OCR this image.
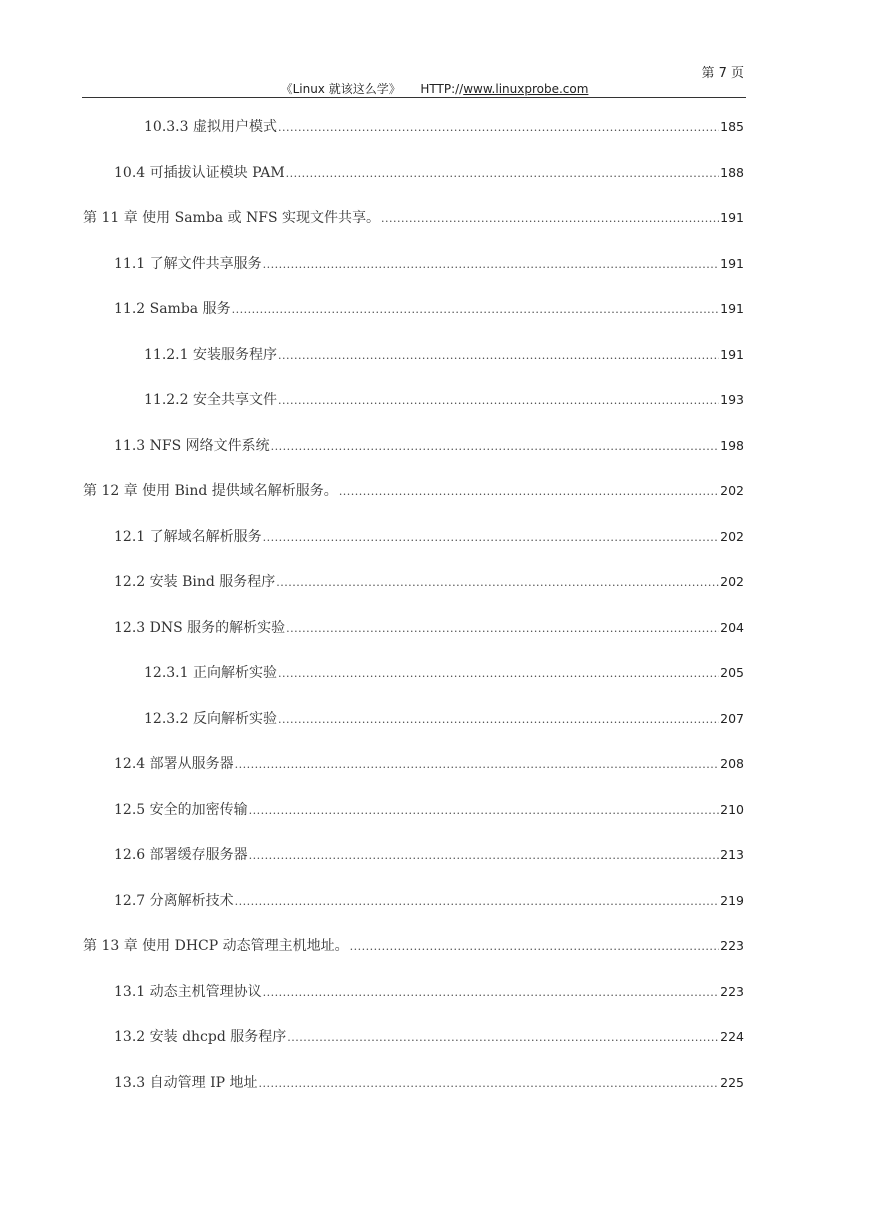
第 7 页
《Linux 就该这么学》 HTTP://www.linuxprobe.com
10.3.3 虚拟用户模式 .....	185
10.4 可插拔认证模块 PAM .....	188
第 11 章 使用 Samba 或 NFS 实现文件共享。 .....	191
11.1 了解文件共享服务 .....	191
11.2 Samba 服务 .....	191
11.2.1 安装服务程序 .....	191
11.2.2 安全共享文件 .....	193
11.3 NFS 网络文件系统 .....	198
第 12 章 使用 Bind 提供域名解析服务。 .....	202
12.1 了解域名解析服务 .....	202
12.2 安装 Bind 服务程序 .....	202
12.3 DNS 服务的解析实验 .....	204
12.3.1 正向解析实验 .....	205
12.3.2 反向解析实验 .....	207
12.4 部署从服务器 .....	208
12.5 安全的加密传输 .....	210
12.6 部署缓存服务器 .....	213
12.7 分离解析技术 .....	219
第 13 章 使用 DHCP 动态管理主机地址。 .....	223
13.1 动态主机管理协议 .....	223
13.2 安装 dhcpd 服务程序 .....	224
13.3 自动管理 IP 地址 .....	225
